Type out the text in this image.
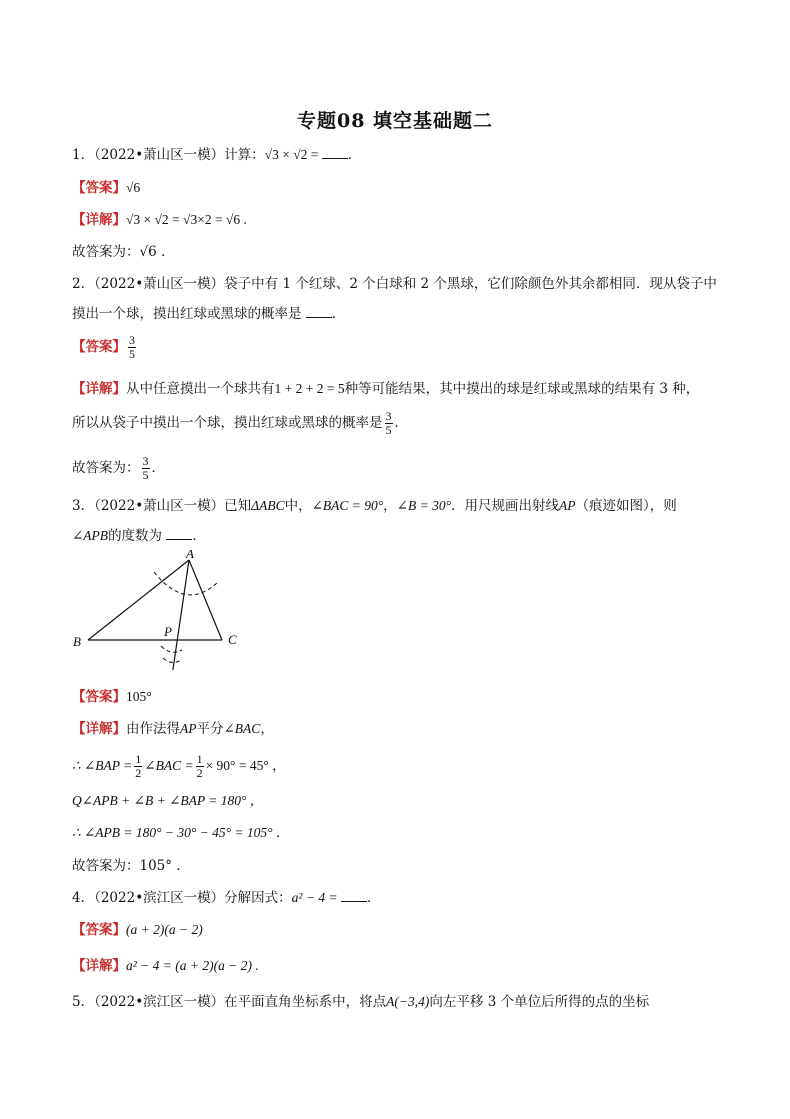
专题08 填空基础题二
1．（2022•萧山区一模）计算：√3 × √2 = ．
【答案】√6
【详解】√3 × √2 = √3×2 = √6 .
故答案为：√6 .
2．（2022•萧山区一模）袋子中有 1 个红球、2 个白球和 2 个黑球，它们除颜色外其余都相同．现从袋子中
摸出一个球，摸出红球或黑球的概率是 ．
【答案】 $\frac{3}{5}$
【详解】从中任意摸出一个球共有1 + 2 + 2 = 5种等可能结果，其中摸出的球是红球或黑球的结果有 3 种，
所以从袋子中摸出一个球，摸出红球或黑球的概率是 $\frac{3}{5}$ ．
故答案为： $\frac{3}{5}$ ．
3．（2022•萧山区一模）已知ΔABC中，∠BAC = 90°，∠B = 30°．用尺规画出射线AP（痕迹如图），则
∠APB的度数为 ．
A
B	C
P
【答案】105°
【详解】由作法得AP平分∠BAC，
∴ ∠BAP = $\frac{1}{2}$ ∠BAC = $\frac{1}{2} \times 90^\circ = 45^\circ$ ，
Q∠APB + ∠B + ∠BAP = 180° ，
∴ ∠APB = 180° − 30° − 45° = 105° ．
故答案为：105° ．
4．（2022•滨江区一模）分解因式：a² − 4 = ．
【答案】(a + 2)(a − 2)
【详解】a² − 4 = (a + 2)(a − 2) .
5．（2022•滨江区一模）在平面直角坐标系中，将点A(−3,4)向左平移 3 个单位后所得的点的坐标
